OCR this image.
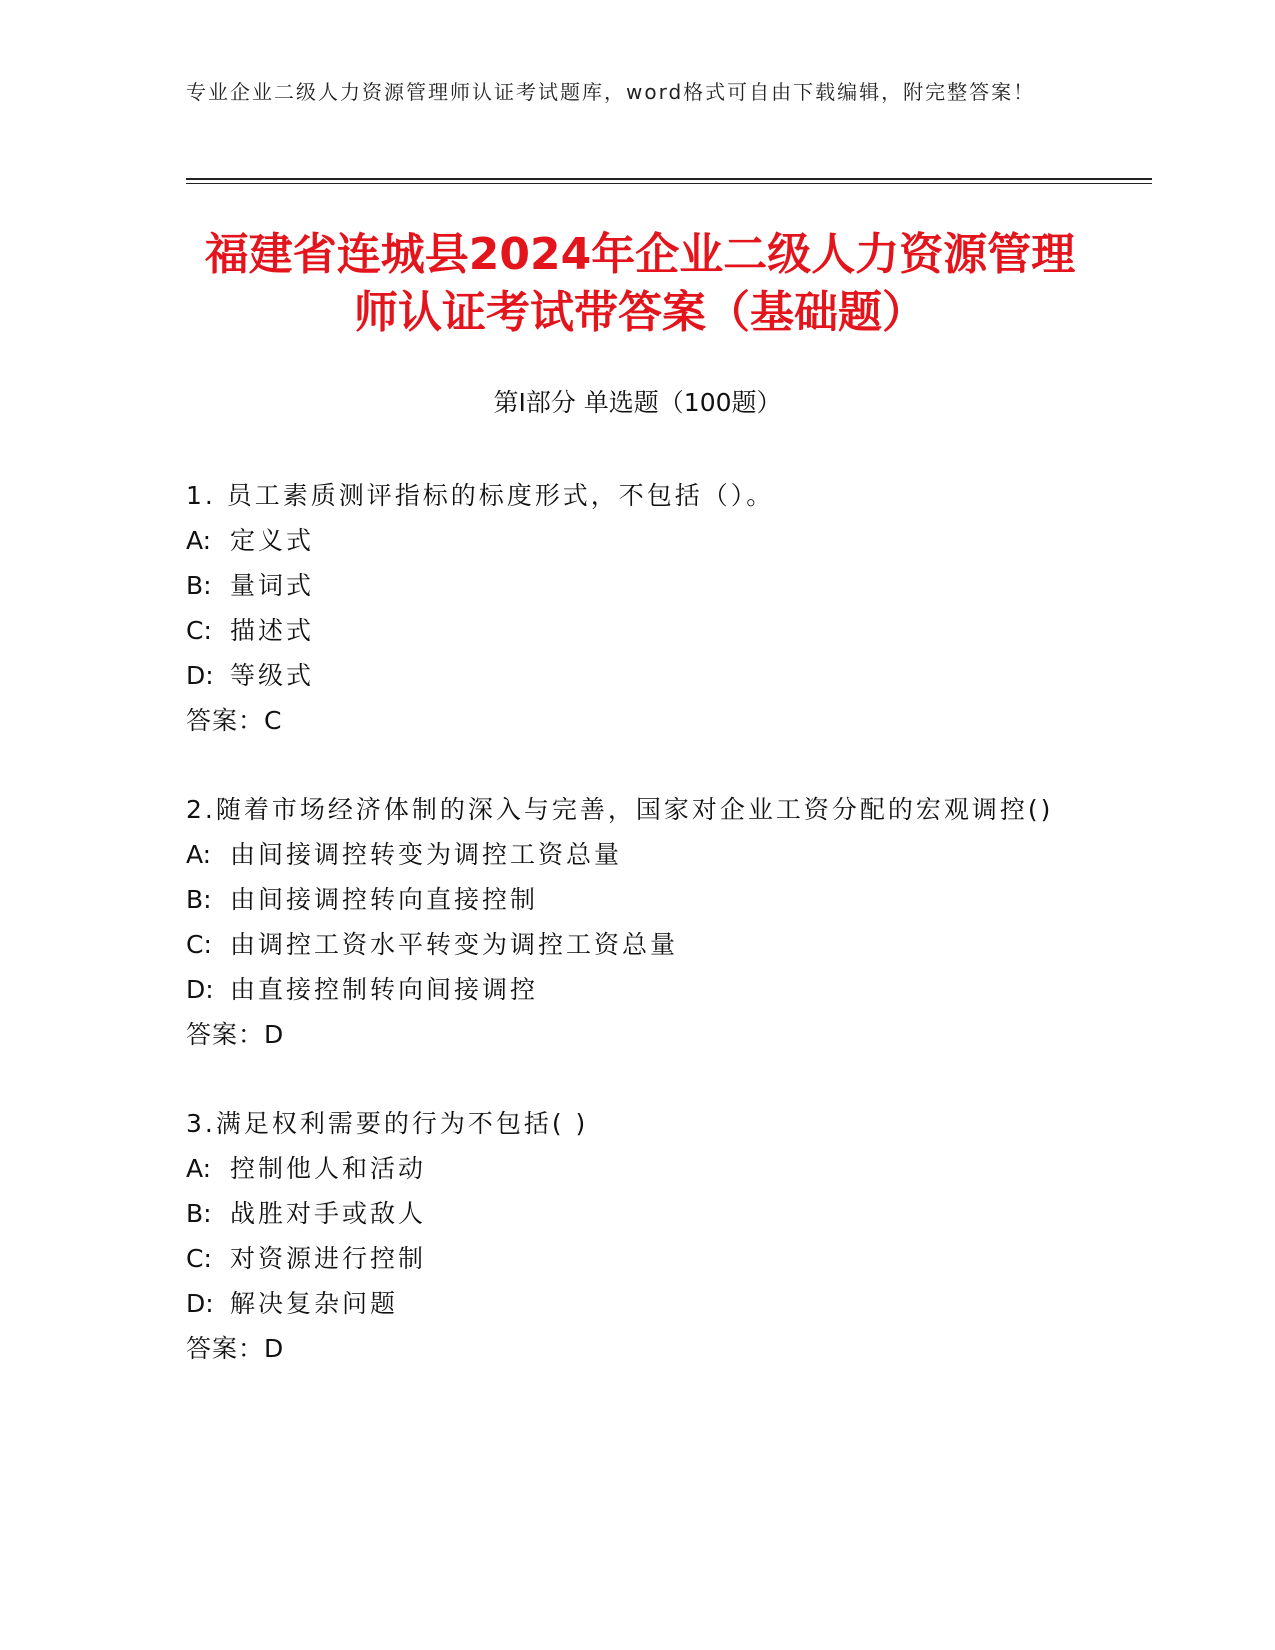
专业企业二级人力资源管理师认证考试题库，word格式可自由下载编辑，附完整答案！
福建省连城县2024年企业二级人力资源管理
师认证考试带答案（基础题）
第Ⅰ部分 单选题（100题）
1. 员工素质测评指标的标度形式，不包括（）。
A: 定义式
B: 量词式
C: 描述式
D: 等级式
答案：C
2.随着市场经济体制的深入与完善，国家对企业工资分配的宏观调控()
A: 由间接调控转变为调控工资总量
B: 由间接调控转向直接控制
C: 由调控工资水平转变为调控工资总量
D: 由直接控制转向间接调控
答案：D
3.满足权利需要的行为不包括( )
A: 控制他人和活动
B: 战胜对手或敌人
C: 对资源进行控制
D: 解决复杂问题
答案：D
